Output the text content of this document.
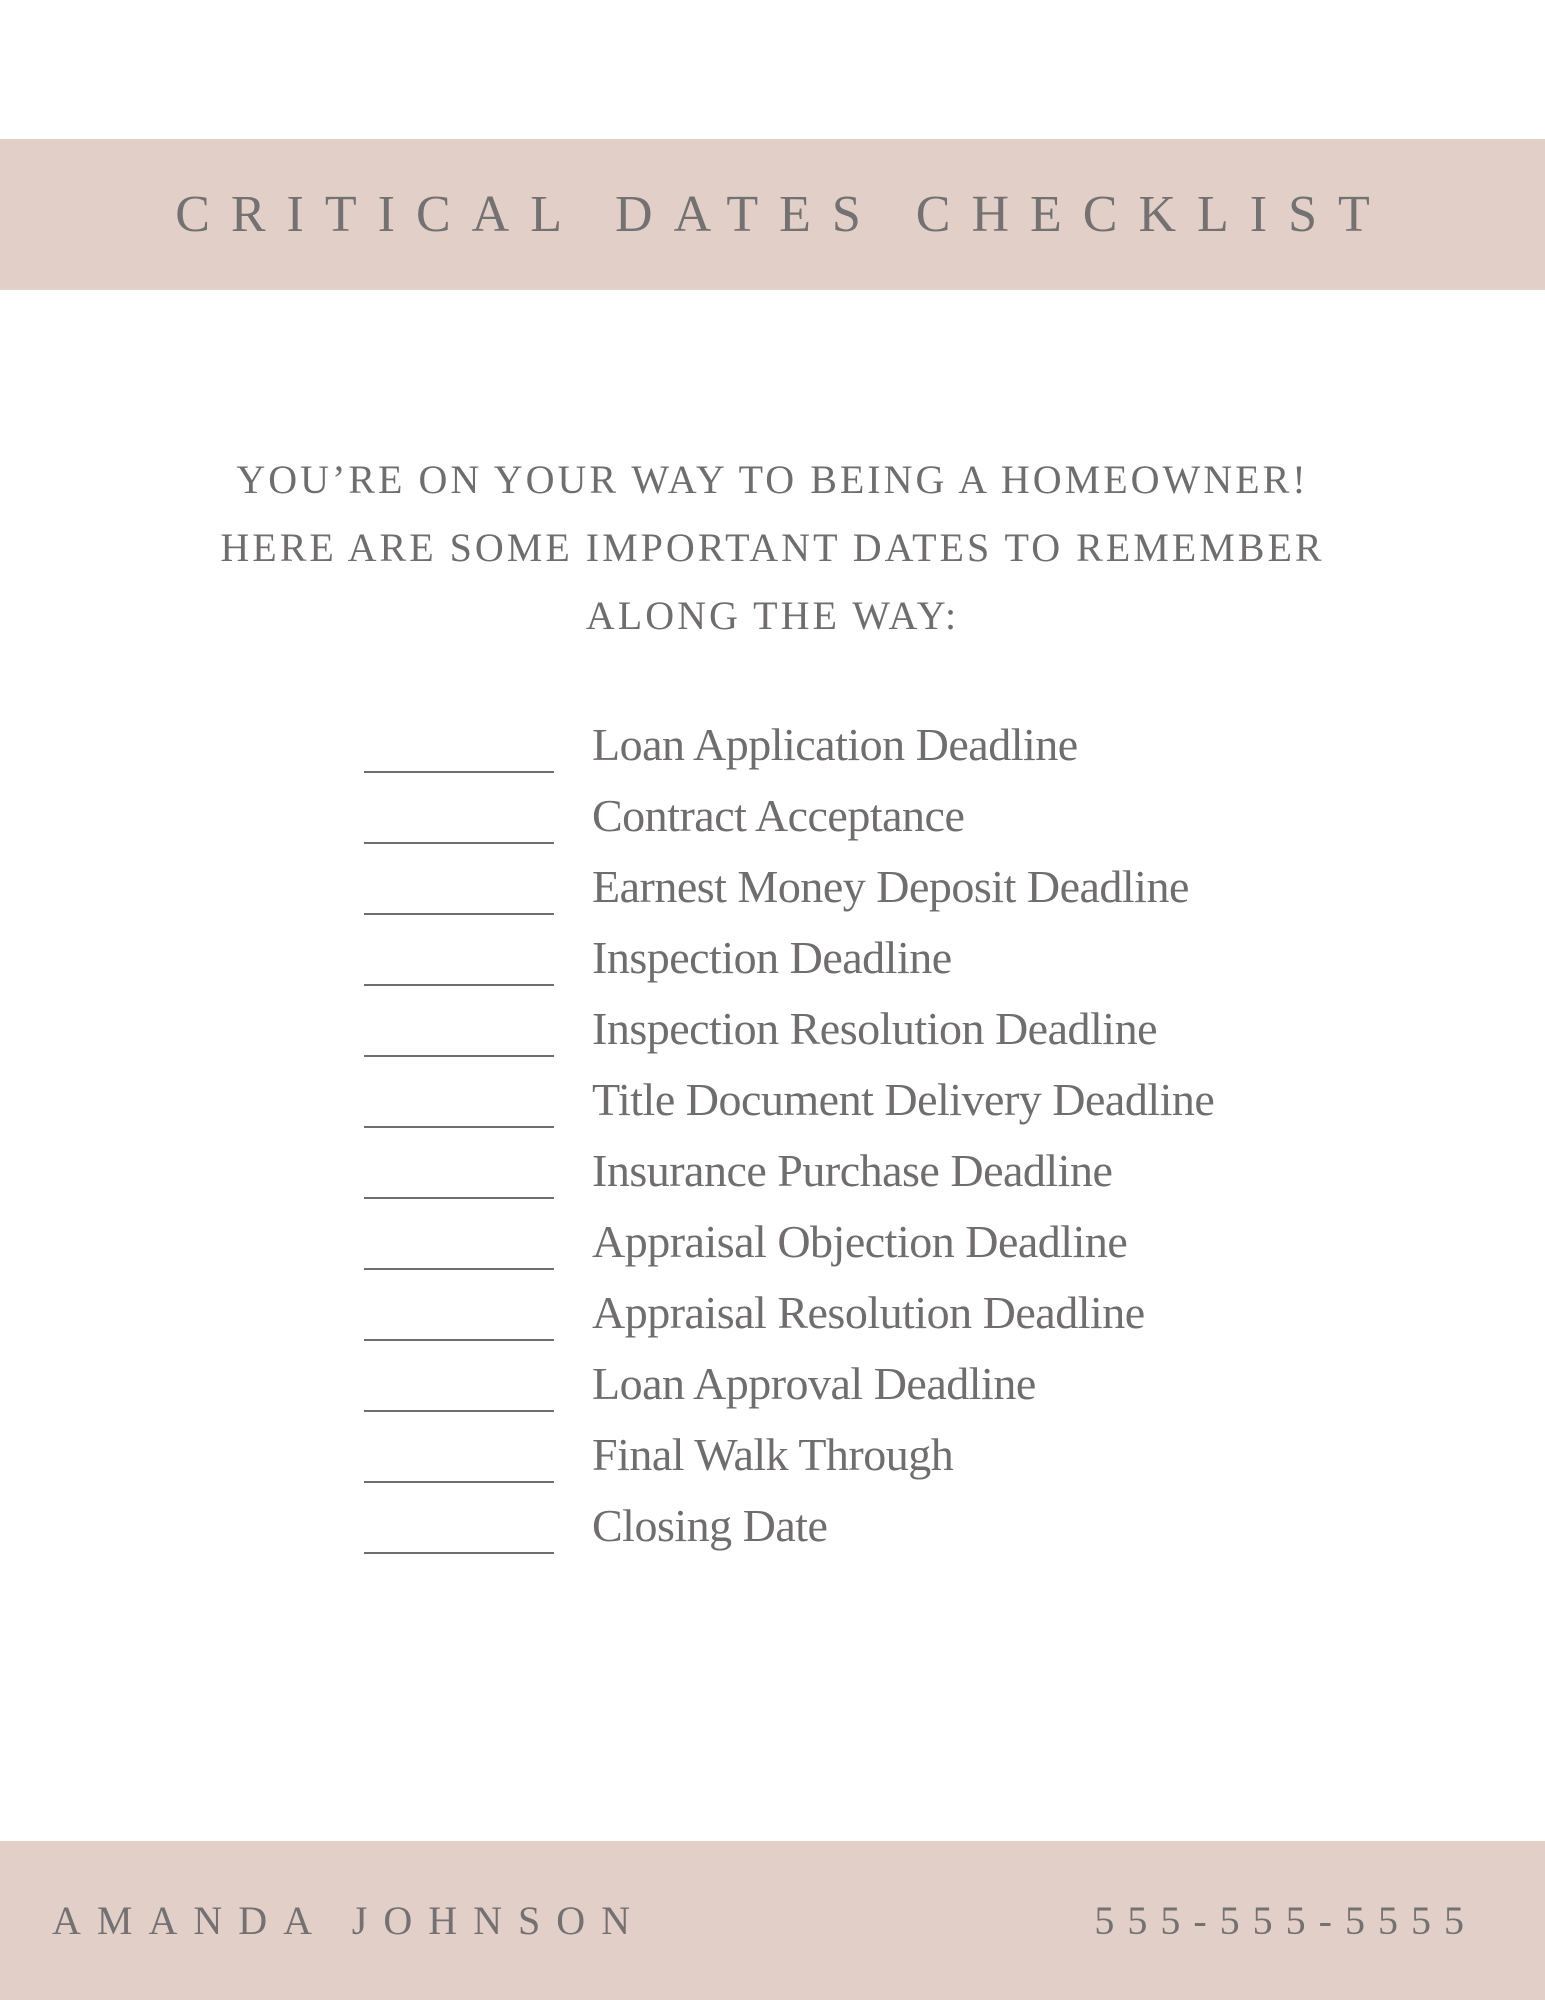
CRITICAL DATES CHECKLIST
YOU’RE ON YOUR WAY TO BEING A HOMEOWNER!
HERE ARE SOME IMPORTANT DATES TO REMEMBER
ALONG THE WAY:
Loan Application Deadline
Contract Acceptance
Earnest Money Deposit Deadline
Inspection Deadline
Inspection Resolution Deadline
Title Document Delivery Deadline
Insurance Purchase Deadline
Appraisal Objection Deadline
Appraisal Resolution Deadline
Loan Approval Deadline
Final Walk Through
Closing Date
AMANDA JOHNSON	555-555-5555
